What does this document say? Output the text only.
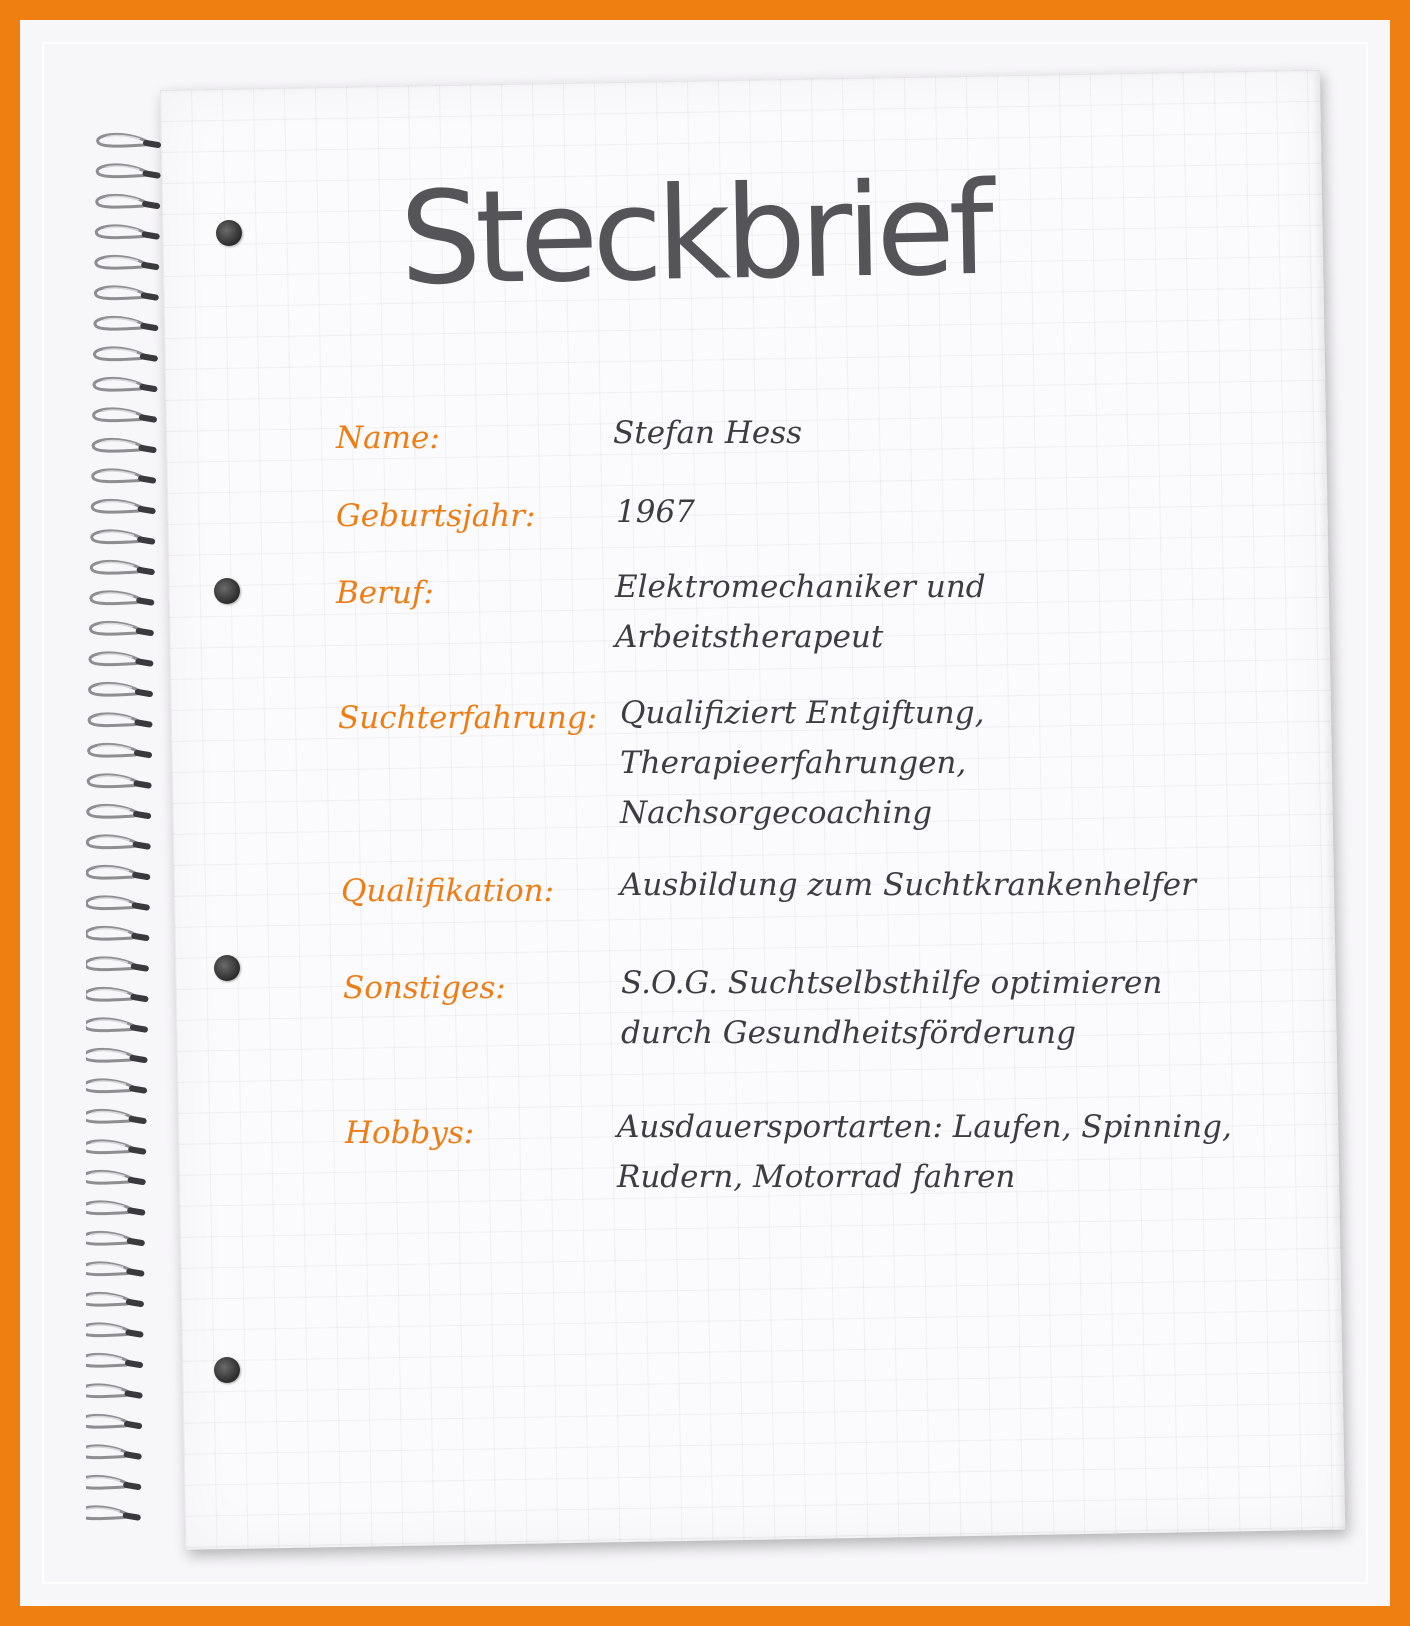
Steckbrief
Name:	Stefan Hess
Geburtsjahr:	1967
Beruf:	Elektromechaniker und
Arbeitstherapeut
Suchterfahrung: Qualifiziert Entgiftung,
Therapieerfahrungen,
Nachsorgecoaching
Qualifikation: Ausbildung zum Suchtkrankenhelfer
Sonstiges:	S.O.G. Suchtselbsthilfe optimieren
durch Gesundheitsförderung
Hobbys:	Ausdauersportarten: Laufen, Spinning,
Rudern, Motorrad fahren
